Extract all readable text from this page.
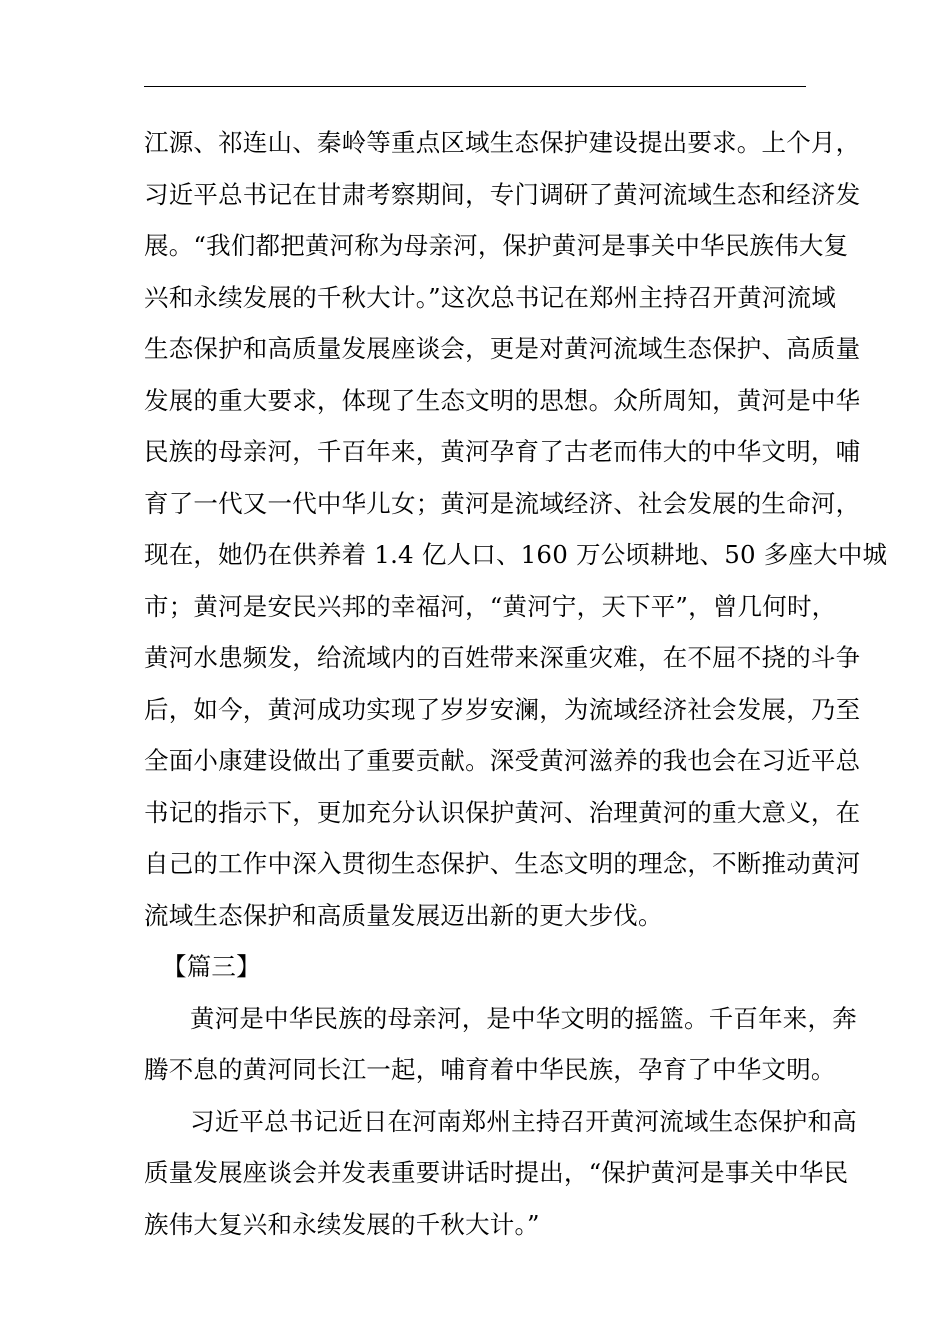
江源、祁连山、秦岭等重点区域生态保护建设提出要求。上个月，
习近平总书记在甘肃考察期间，专门调研了黄河流域生态和经济发
展。“我们都把黄河称为母亲河，保护黄河是事关中华民族伟大复
兴和永续发展的千秋大计。”这次总书记在郑州主持召开黄河流域
生态保护和高质量发展座谈会，更是对黄河流域生态保护、高质量
发展的重大要求，体现了生态文明的思想。众所周知，黄河是中华
民族的母亲河，千百年来，黄河孕育了古老而伟大的中华文明，哺
育了一代又一代中华儿女；黄河是流域经济、社会发展的生命河，
现在，她仍在供养着 1.4 亿人口、160 万公顷耕地、50 多座大中城
市；黄河是安民兴邦的幸福河，“黄河宁，天下平”，曾几何时，
黄河水患频发，给流域内的百姓带来深重灾难，在不屈不挠的斗争
后，如今，黄河成功实现了岁岁安澜，为流域经济社会发展，乃至
全面小康建设做出了重要贡献。深受黄河滋养的我也会在习近平总
书记的指示下，更加充分认识保护黄河、治理黄河的重大意义，在
自己的工作中深入贯彻生态保护、生态文明的理念，不断推动黄河
流域生态保护和高质量发展迈出新的更大步伐。
【篇三】
黄河是中华民族的母亲河，是中华文明的摇篮。千百年来，奔
腾不息的黄河同长江一起，哺育着中华民族，孕育了中华文明。
习近平总书记近日在河南郑州主持召开黄河流域生态保护和高
质量发展座谈会并发表重要讲话时提出，“保护黄河是事关中华民
族伟大复兴和永续发展的千秋大计。”
